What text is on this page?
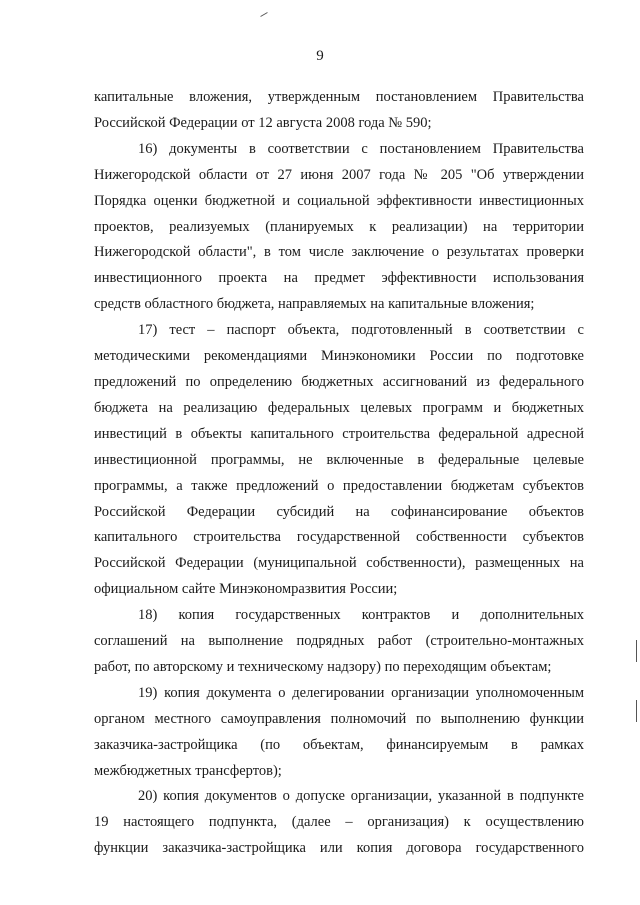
9
капитальные вложения, утвержденным постановлением Правительства
Российской Федерации от 12 августа 2008 года № 590;
16) документы в соответствии с постановлением Правительства
Нижегородской области от 27 июня 2007 года № 205 "Об утверждении
Порядка оценки бюджетной и социальной эффективности инвестиционных
проектов, реализуемых (планируемых к реализации) на территории
Нижегородской области", в том числе заключение о результатах проверки
инвестиционного проекта на предмет эффективности использования
средств областного бюджета, направляемых на капитальные вложения;
17) тест – паспорт объекта, подготовленный в соответствии с
методическими рекомендациями Минэкономики России по подготовке
предложений по определению бюджетных ассигнований из федерального
бюджета на реализацию федеральных целевых программ и бюджетных
инвестиций в объекты капитального строительства федеральной адресной
инвестиционной программы, не включенные в федеральные целевые
программы, а также предложений о предоставлении бюджетам субъектов
Российской Федерации субсидий на софинансирование объектов
капитального строительства государственной собственности субъектов
Российской Федерации (муниципальной собственности), размещенных на
официальном сайте Минэкономразвития России;
18) копия государственных контрактов и дополнительных
соглашений на выполнение подрядных работ (строительно-монтажных
работ, по авторскому и техническому надзору) по переходящим объектам;
19) копия документа о делегировании организации уполномоченным
органом местного самоуправления полномочий по выполнению функции
заказчика-застройщика (по объектам, финансируемым в рамках
межбюджетных трансфертов);
20) копия документов о допуске организации, указанной в подпункте
19 настоящего подпункта, (далее – организация) к осуществлению
функции заказчика-застройщика или копия договора государственного
